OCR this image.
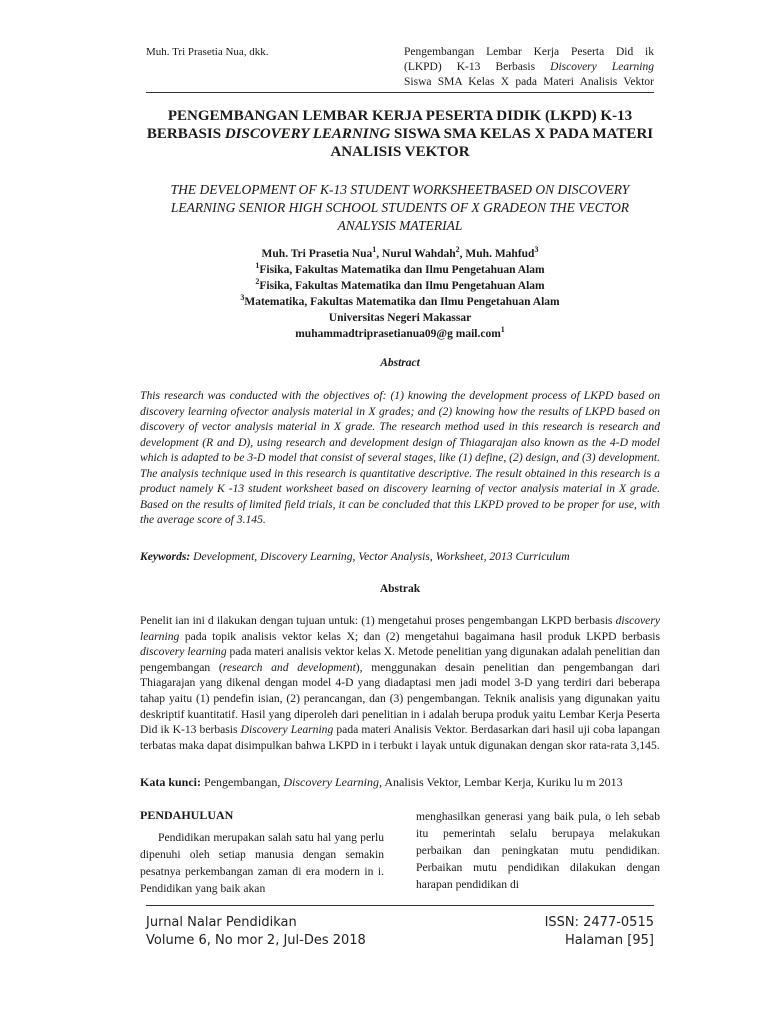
Muh. Tri Prasetia Nua, dkk.	Pengembangan Lembar Kerja Peserta Did ik
(LKPD) K-13 Berbasis Discovery Learning
Siswa SMA Kelas X pada Materi Analisis Vektor
PENGEMBANGAN LEMBAR KERJA PESERTA DIDIK (LKPD) K-13
BERBASIS DISCOVERY LEARNING SISWA SMA KELAS X PADA MATERI
ANALISIS VEKTOR
THE DEVELOPMENT OF K-13 STUDENT WORKSHEETBASED ON DISCOVERY
LEARNING SENIOR HIGH SCHOOL STUDENTS OF X GRADEON THE VECTOR
ANALYSIS MATERIAL
Muh. Tri Prasetia Nua$^1$, Nurul Wahdah$^2$, Muh. Mahfud$^3$
$^1$Fisika, Fakultas Matematika dan Ilmu Pengetahuan Alam
$^2$Fisika, Fakultas Matematika dan Ilmu Pengetahuan Alam
$^3$Matematika, Fakultas Matematika dan Ilmu Pengetahuan Alam
Universitas Negeri Makassar
muhammadtriprasetianua09@g mail.com$^1$
Abstract
This research was conducted with the objectives of: (1) knowing the development process of LKPD based on discovery learning ofvector analysis material in X grades; and (2) knowing how the results of LKPD based on discovery of vector analysis material in X grade. The research method used in this research is research and development (R and D), using research and development design of Thiagarajan also known as the 4-D model which is adapted to be 3-D model that consist of several stages, like (1) define, (2) design, and (3) development. The analysis technique used in this research is quantitative descriptive. The result obtained in this research is a product namely K -13 student worksheet based on discovery learning of vector analysis material in X grade. Based on the results of limited field trials, it can be concluded that this LKPD proved to be proper for use, with the average score of 3.145.
Keywords: Development, Discovery Learning, Vector Analysis, Worksheet, 2013 Curriculum
Abstrak
Penelit ian ini d ilakukan dengan tujuan untuk: (1) mengetahui proses pengembangan LKPD berbasis discovery learning pada topik analisis vektor kelas X; dan (2) mengetahui bagaimana hasil produk LKPD berbasis discovery learning pada materi analisis vektor kelas X. Metode penelitian yang digunakan adalah penelitian dan pengembangan (research and development), menggunakan desain penelitian dan pengembangan dari Thiagarajan yang dikenal dengan model 4-D yang diadaptasi men jadi model 3-D yang terdiri dari beberapa tahap yaitu (1) pendefin isian, (2) perancangan, dan (3) pengembangan. Teknik analisis yang digunakan yaitu deskriptif kuantitatif. Hasil yang diperoleh dari penelitian in i adalah berupa produk yaitu Lembar Kerja Peserta Did ik K-13 berbasis Discovery Learning pada materi Analisis Vektor. Berdasarkan dari hasil uji coba lapangan terbatas maka dapat disimpulkan bahwa LKPD in i terbukt i layak untuk digunakan dengan skor rata-rata 3,145.
Kata kunci: Pengembangan, Discovery Learning, Analisis Vektor, Lembar Kerja, Kuriku lu m 2013
PENDAHULUAN
Pendidikan merupakan salah satu hal yang perlu dipenuhi oleh setiap manusia dengan semakin pesatnya perkembangan zaman di era modern in i. Pendidikan yang baik akan
menghasilkan generasi yang baik pula, o leh sebab itu pemerintah selalu berupaya melakukan perbaikan dan peningkatan mutu pendidikan. Perbaikan mutu pendidikan dilakukan dengan harapan pendidikan di
Jurnal Nalar Pendidikan
Volume 6, No mor 2, Jul-Des 2018
ISSN: 2477-0515
Halaman [95]
